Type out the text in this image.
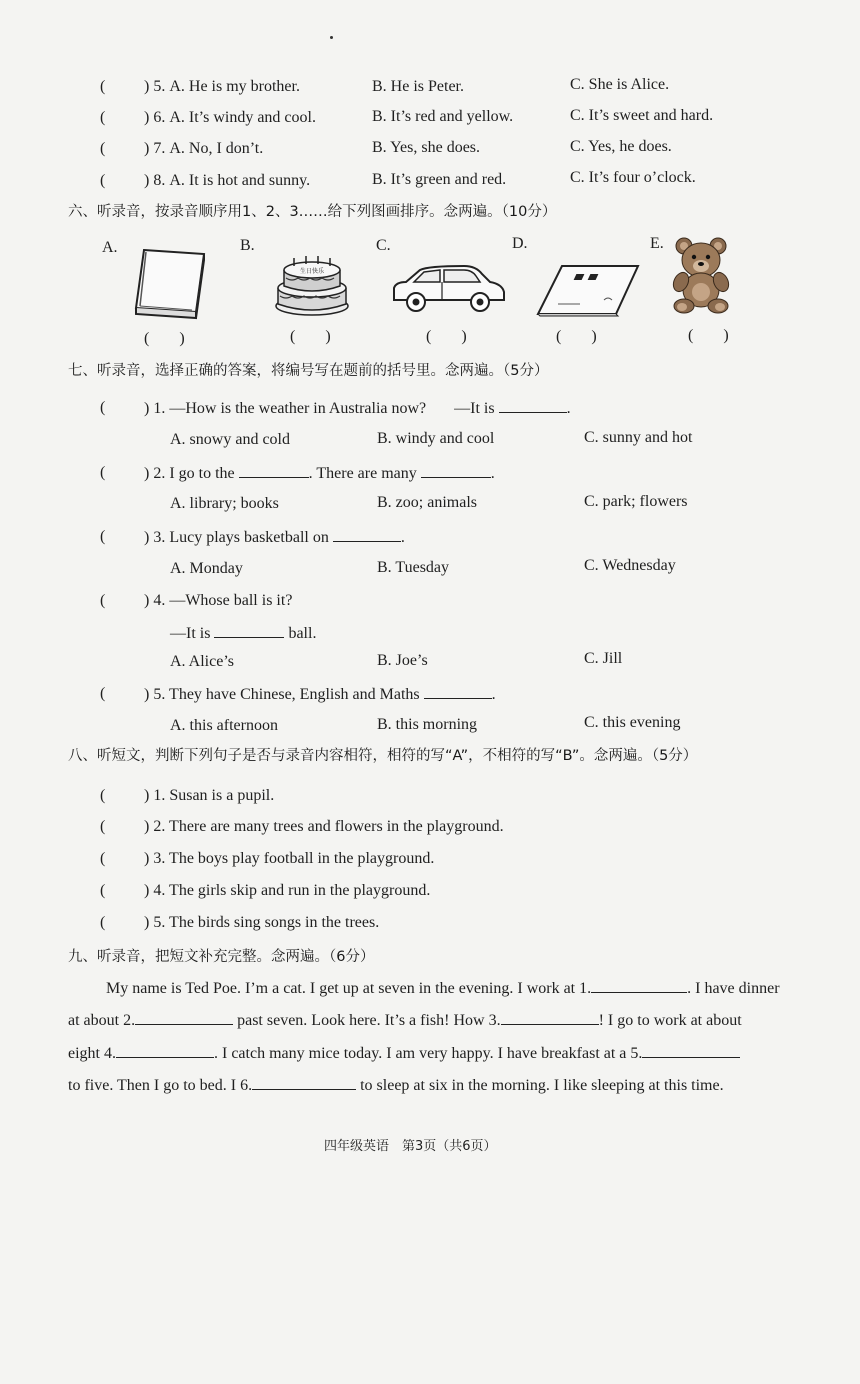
(	) 5. A. He is my brother.	B. He is Peter.	C. She is Alice.
( ) 6. A. It’s windy and cool.	B. It’s red and yellow.	C. It’s sweet and hard.
( ) 7. A. No, I don’t.	B. Yes, she does.	C. Yes, he does.
( ) 8. A. It is hot and sunny.	B. It’s green and red.	C. It’s four o’clock.
六、听录音，按录音顺序用1、2、3……给下列图画排序。念两遍。（10分）
A.	B.	C.	D.	E.
生日快乐
( )	( )	( )	( )	( )
七、听录音，选择正确的答案，将编号写在题前的括号里。念两遍。（5分）
( ) 1. —How is the weather in Australia now? —It is	.
A. snowy and cold	B. windy and cool	C. sunny and hot
( ) 2. I go to the	. There are many	.
A. library; books	B. zoo; animals	C. park; flowers
( ) 3. Lucy plays basketball on	.
A. Monday	B. Tuesday	C. Wednesday
( ) 4. —Whose ball is it?
—It is	ball.
A. Alice’s	B. Joe’s	C. Jill
( ) 5. They have Chinese, English and Maths	.
A. this afternoon	B. this morning	C. this evening
八、听短文，判断下列句子是否与录音内容相符，相符的写“A”，不相符的写“B”。念两遍。（5分）
( ) 1. Susan is a pupil.
( ) 2. There are many trees and flowers in the playground.
( ) 3. The boys play football in the playground.
( ) 4. The girls skip and run in the playground.
( ) 5. The birds sing songs in the trees.
九、听录音，把短文补充完整。念两遍。（6分）
My name is Ted Poe. I’m a cat. I get up at seven in the evening. I work at 1.	. I have dinner
at about 2.	past seven. Look here. It’s a fish! How 3.	! I go to work at about
eight 4.	. I catch many mice today. I am very happy. I have breakfast at a 5.
to five. Then I go to bed. I 6.	to sleep at six in the morning. I like sleeping at this time.
四年级英语　第3页（共6页）
